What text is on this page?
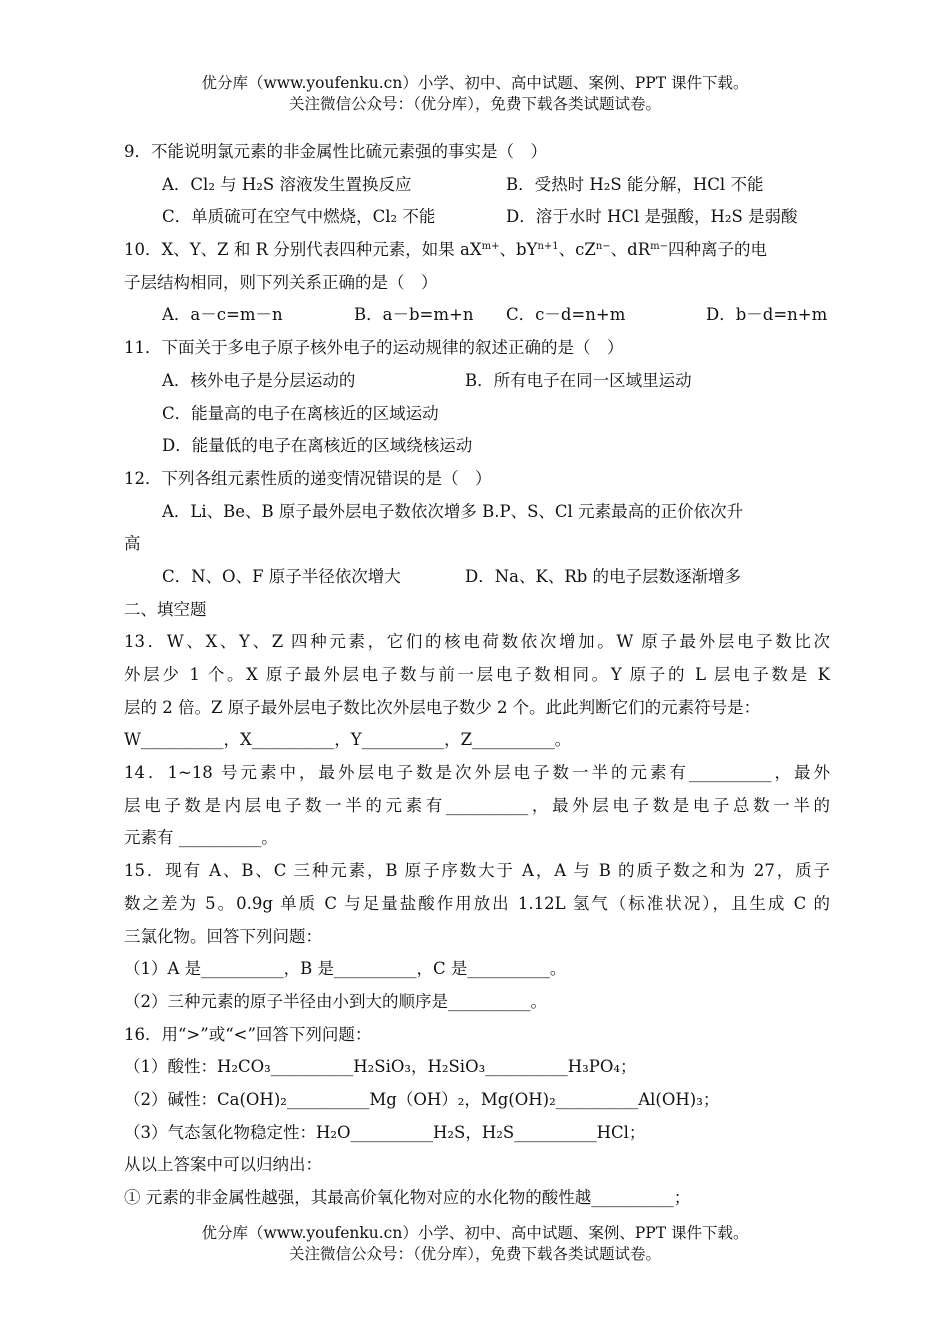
优分库（www.youfenku.cn）小学、初中、高中试题、案例、PPT 课件下载。
关注微信公众号：（优分库），免费下载各类试题试卷。
9．不能说明氯元素的非金属性比硫元素强的事实是（　）
A．Cl₂ 与 H₂S 溶液发生置换反应	B．受热时 H₂S 能分解，HCl 不能
C．单质硫可在空气中燃烧，Cl₂ 不能	D．溶于水时 HCl 是强酸，H₂S 是弱酸
10．X、Y、Z 和 R 分别代表四种元素，如果 $aX^{m+}$、$bY^{n+1}$、$cZ^{n-}$、$dR^{m-}$四种离子的电
子层结构相同，则下列关系正确的是（　）
A．a－c=m－n	B．a－b=m+n C．c－d=n+m	D．b－d=n+m
11．下面关于多电子原子核外电子的运动规律的叙述正确的是（　）
A．核外电子是分层运动的	B．所有电子在同一区域里运动
C．能量高的电子在离核近的区域运动
D．能量低的电子在离核近的区域绕核运动
12．下列各组元素性质的递变情况错误的是（　）
A．Li、Be、B 原子最外层电子数依次增多 B.P、S、Cl 元素最高的正价依次升
高
C．N、O、F 原子半径依次增大	D．Na、K、Rb 的电子层数逐渐增多
二、填空题
13．W、X、Y、Z 四种元素，它们的核电荷数依次增加。W 原子最外层电子数比次
外层少 1 个。X 原子最外层电子数与前一层电子数相同。Y 原子的 L 层电子数是 K
层的 2 倍。Z 原子最外层电子数比次外层电子数少 2 个。此此判断它们的元素符号是：
W__________，X__________，Y__________，Z__________。
14．1~18 号元素中，最外层电子数是次外层电子数一半的元素有__________，最外
层电子数是内层电子数一半的元素有__________，最外层电子数是电子总数一半的
元素有 __________。
15．现有 A、B、C 三种元素，B 原子序数大于 A，A 与 B 的质子数之和为 27，质子
数之差为 5。0.9g 单质 C 与足量盐酸作用放出 1.12L 氢气（标准状况），且生成 C 的
三氯化物。回答下列问题：
（1）A 是__________，B 是__________，C 是__________。
（2）三种元素的原子半径由小到大的顺序是__________。
16．用“>”或“<”回答下列问题：
（1）酸性：H₂CO₃__________H₂SiO₃，H₂SiO₃__________H₃PO₄；
（2）碱性：Ca(OH)₂__________Mg（OH）₂，Mg(OH)₂__________Al(OH)₃；
（3）气态氢化物稳定性：H₂O__________H₂S，H₂S__________HCl；
从以上答案中可以归纳出：
① 元素的非金属性越强，其最高价氧化物对应的水化物的酸性越__________；
优分库（www.youfenku.cn）小学、初中、高中试题、案例、PPT 课件下载。
关注微信公众号：（优分库），免费下载各类试题试卷。
